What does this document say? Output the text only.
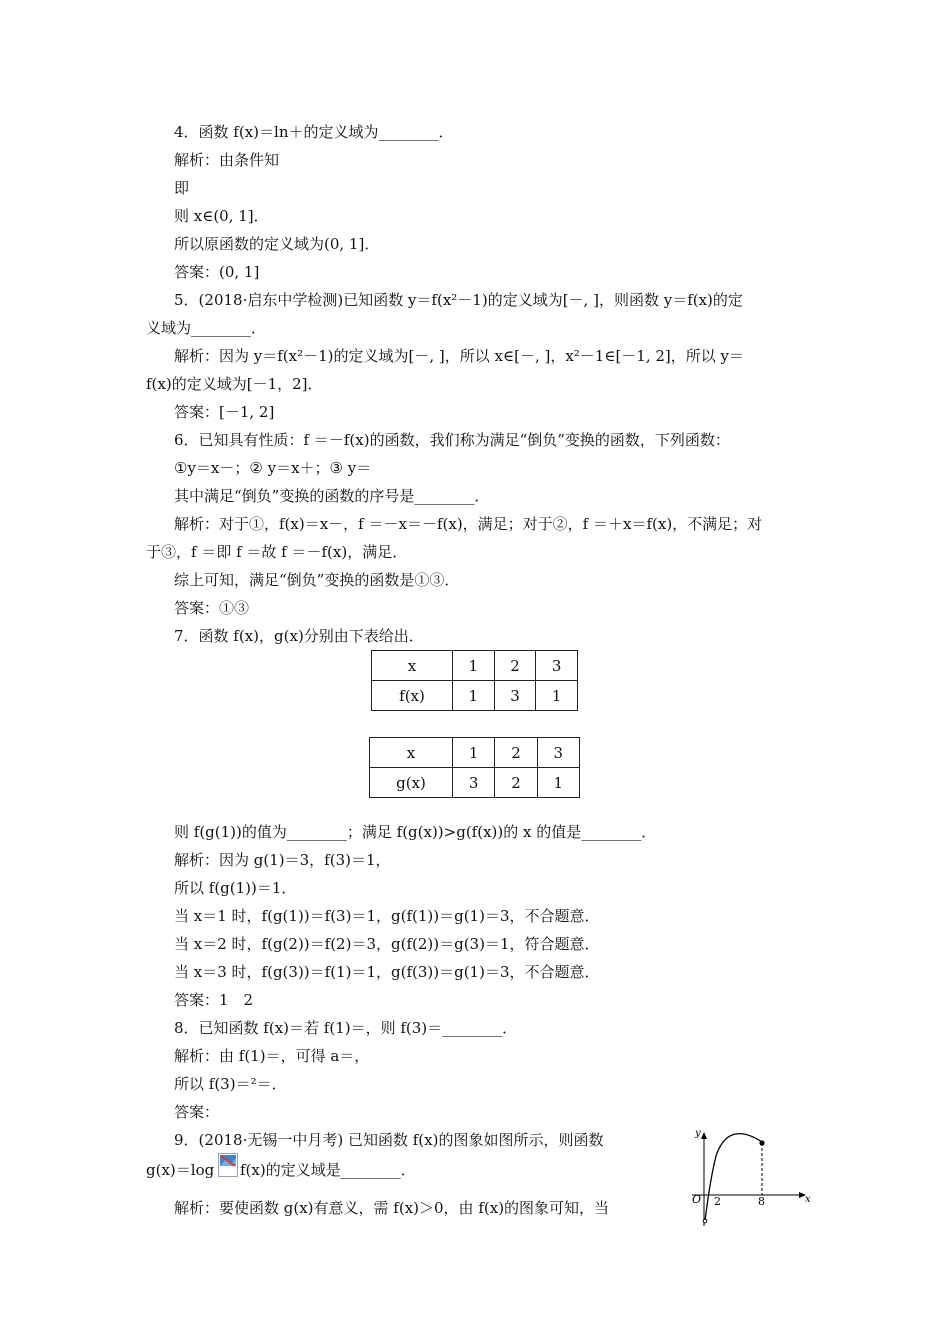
4．函数 f(x)＝ln＋的定义域为________．
解析：由条件知
即
则 x∈(0, 1]．
所以原函数的定义域为(0, 1]．
答案：(0, 1]
5．(2018·启东中学检测)已知函数 y＝f(x²－1)的定义域为[－, ]，则函数 y＝f(x)的定
义域为________．
解析：因为 y＝f(x²－1)的定义域为[－, ]，所以 x∈[－, ]，x²－1∈[－1, 2]，所以 y＝
f(x)的定义域为[－1，2]．
答案：[－1, 2]
6．已知具有性质：f ＝－f(x)的函数，我们称为满足“倒负”变换的函数，下列函数：
①y＝x－；② y＝x＋；③ y＝
其中满足“倒负”变换的函数的序号是________．
解析：对于①，f(x)＝x－，f ＝－x＝－f(x)，满足；对于②，f ＝＋x＝f(x)，不满足；对
于③，f ＝即 f ＝故 f ＝－f(x)，满足．
综上可知，满足“倒负”变换的函数是①③．
答案：①③
7．函数 f(x)，g(x)分别由下表给出．
x	1	2	3
f(x)	1	3	1
x	1	2	3
g(x)	3	2	1
则 f(g(1))的值为________；满足 f(g(x))>g(f(x))的 x 的值是________．
解析：因为 g(1)＝3，f(3)＝1，
所以 f(g(1))＝1．
当 x＝1 时，f(g(1))＝f(3)＝1，g(f(1))＝g(1)＝3，不合题意．
当 x＝2 时，f(g(2))＝f(2)＝3，g(f(2))＝g(3)＝1，符合题意．
当 x＝3 时，f(g(3))＝f(1)＝1，g(f(3))＝g(1)＝3，不合题意．
答案：1　2
8．已知函数 f(x)＝若 f(1)＝，则 f(3)＝________．
解析：由 f(1)＝，可得 a＝，
所以 f(3)＝²＝．
答案：
9．(2018·无锡一中月考) 已知函数 f(x)的图象如图所示，则函数
g(x)＝log f(x)的定义域是________．
解析：要使函数 g(x)有意义，需 f(x)＞0，由 f(x)的图象可知，当
y
x
O 2	8
